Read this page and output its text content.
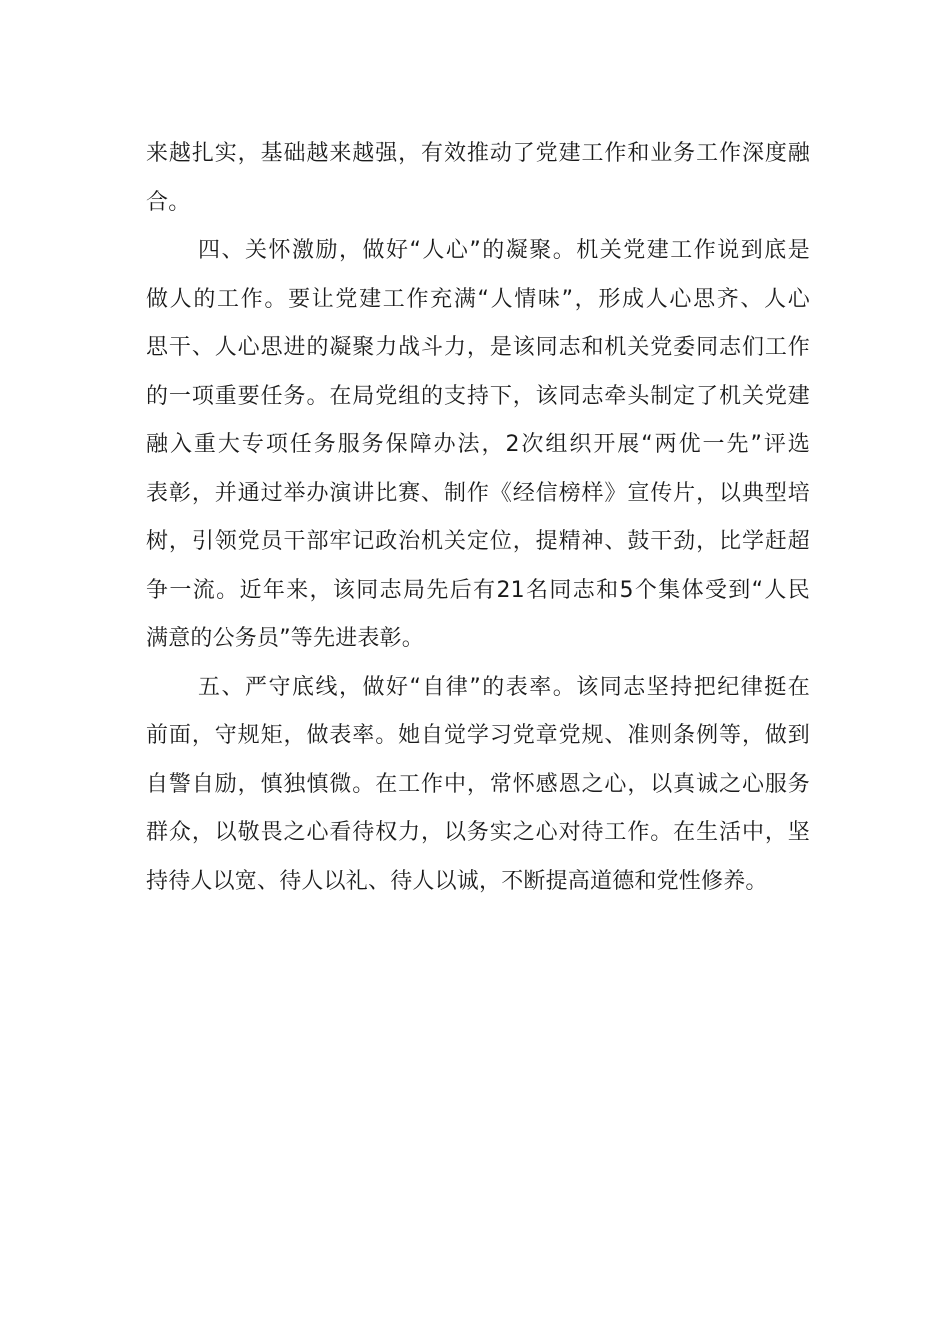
来越扎实，基础越来越强，有效推动了党建工作和业务工作深度融
合。
四、关怀激励，做好“人心”的凝聚。机关党建工作说到底是
做人的工作。要让党建工作充满“人情味”，形成人心思齐、人心
思干、人心思进的凝聚力战斗力，是该同志和机关党委同志们工作
的一项重要任务。在局党组的支持下，该同志牵头制定了机关党建
融入重大专项任务服务保障办法，2次组织开展“两优一先”评选
表彰，并通过举办演讲比赛、制作《经信榜样》宣传片，以典型培
树，引领党员干部牢记政治机关定位，提精神、鼓干劲，比学赶超
争一流。近年来，该同志局先后有21名同志和5个集体受到“人民
满意的公务员”等先进表彰。
五、严守底线，做好“自律”的表率。该同志坚持把纪律挺在
前面，守规矩，做表率。她自觉学习党章党规、准则条例等，做到
自警自励，慎独慎微。在工作中，常怀感恩之心，以真诚之心服务
群众，以敬畏之心看待权力，以务实之心对待工作。在生活中，坚
持待人以宽、待人以礼、待人以诚，不断提高道德和党性修养。
